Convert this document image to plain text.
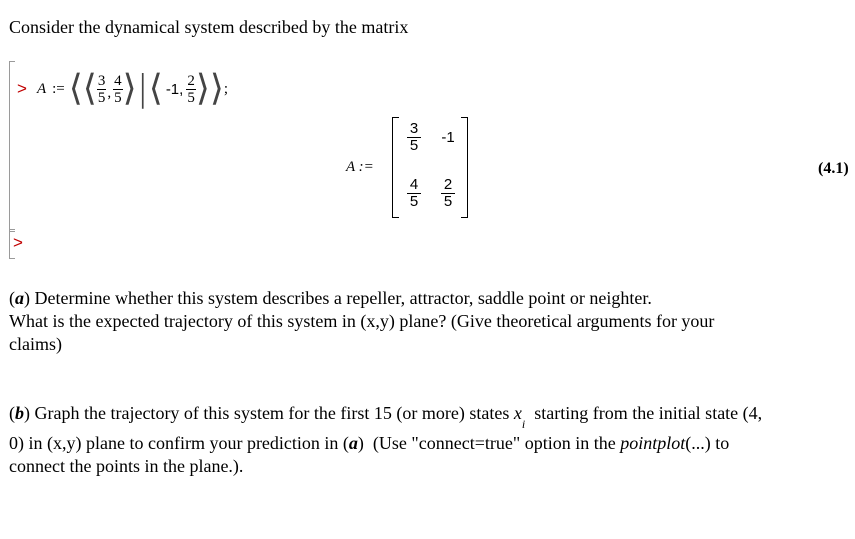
Consider the dynamical system described by the matrix
> A := ⟨⟨ $\frac{3}{5}$ , $\frac{4}{5}$ ⟩|⟨ -1, $\frac{2}{5}$ ⟩⟩ ;
A :=
3
5 -1
4
5
2
5
(4.1)
>
(a) Determine whether this system describes a repeller, attractor, saddle point or neighter.
What is the expected trajectory of this system in (x,y) plane? (Give theoretical arguments for your
claims)
(b) Graph the trajectory of this system for the first 15 (or more) states $x_i$  starting from the initial state (4,
0) in (x,y) plane to confirm your prediction in (a)  (Use "connect=true" option in the pointplot(...) to
connect the points in the plane.).
